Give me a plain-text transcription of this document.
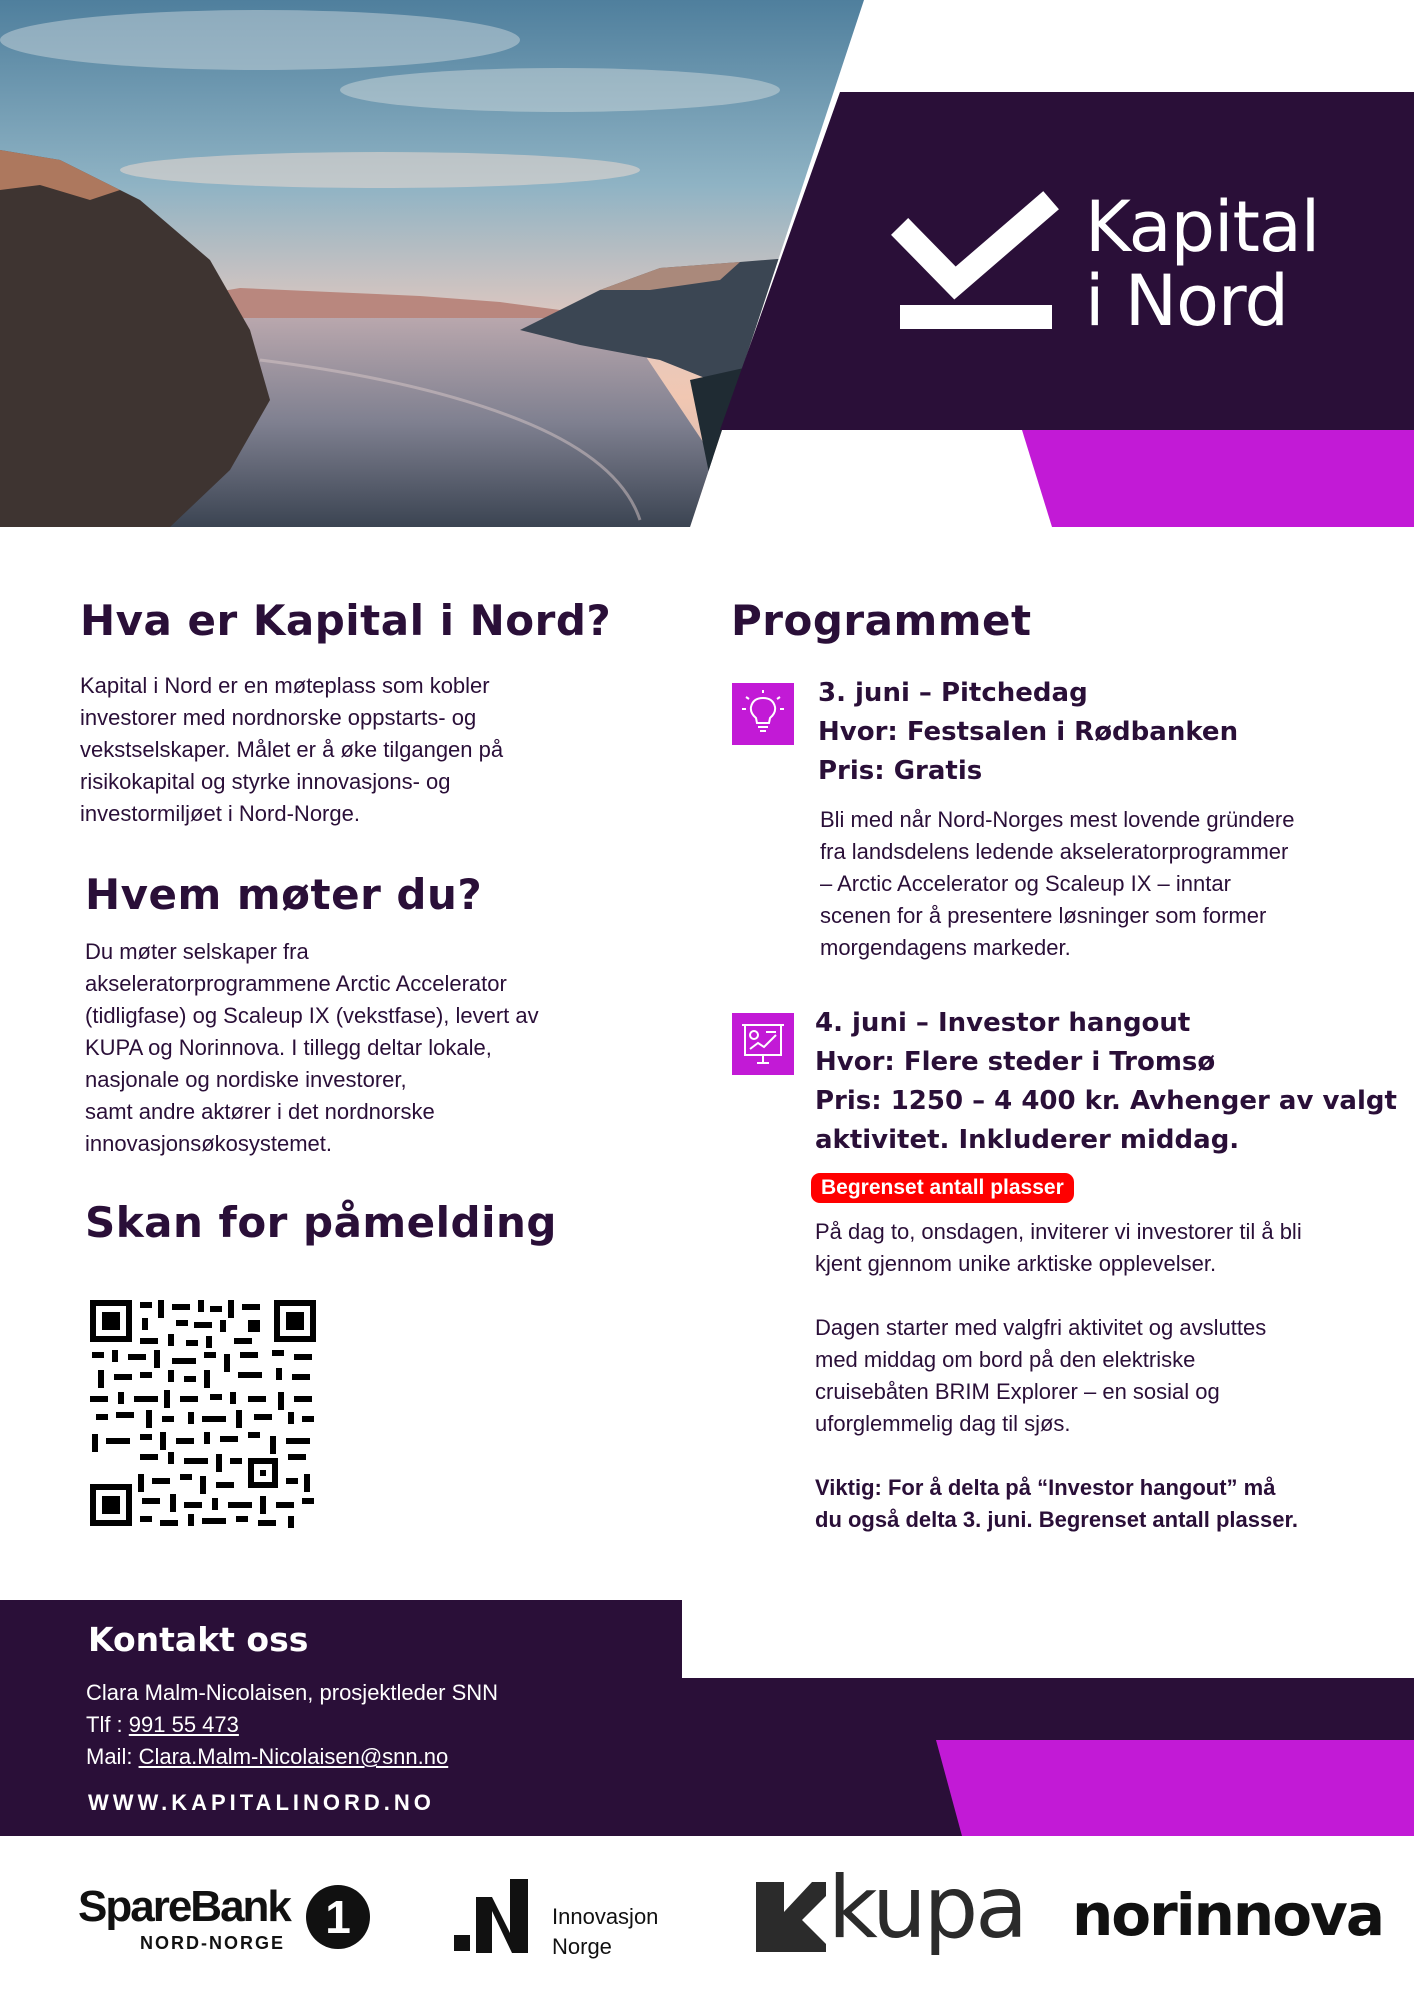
Kapital
i Nord
Hva er Kapital i Nord?

Kapital i Nord er en møteplass som kobler

investorer med nordnorske oppstarts- og

vekstselskaper. Målet er å øke tilgangen på

risikokapital og styrke innovasjons- og

investormiljøet i Nord-Norge.

Hvem møter du?

Du møter selskaper fra

akseleratorprogrammene Arctic Accelerator

(tidligfase) og Scaleup IX (vekstfase), levert av

KUPA og Norinnova. I tillegg deltar lokale,

nasjonale og nordiske investorer,

samt andre aktører i det nordnorske

innovasjonsøkosystemet.

Skan for påmelding
Programmet
3. juni – Pitchedag
Hvor: Festsalen i Rødbanken
Pris: Gratis

Bli med når Nord-Norges mest lovende gründere

fra landsdelens ledende akseleratorprogrammer

– Arctic Accelerator og Scaleup IX – inntar

scenen for å presentere løsninger som former

morgendagens markeder.

4. juni – Investor hangout
Hvor: Flere steder i Tromsø
Pris: 1250 – 4 400 kr. Avhenger av valgt
aktivitet. Inkluderer middag.
Begrenset antall plasser

På dag to, onsdagen, inviterer vi investorer til å bli

kjent gjennom unike arktiske opplevelser.

Dagen starter med valgfri aktivitet og avsluttes

med middag om bord på den elektriske

cruisebåten BRIM Explorer – en sosial og

uforglemmelig dag til sjøs.

Viktig: For å delta på “Investor hangout” må

du også delta 3. juni. Begrenset antall plasser.

Kontakt oss

Clara Malm-Nicolaisen, prosjektleder SNN

Tlf : 991 55 473

Mail: Clara.Malm-Nicolaisen@snn.no

WWW.KAPITALINORD.NO
SpareBank
NORD-NORGE 1	Innovasjon
Norge	kupa norinnova
